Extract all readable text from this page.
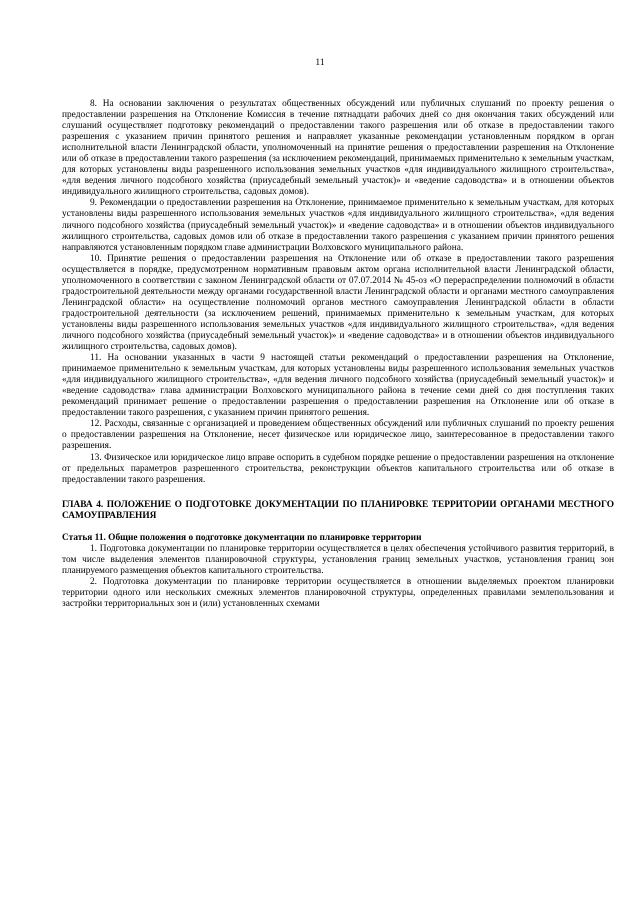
11

8. На основании заключения о результатах общественных обсуждений или публичных слушаний по проекту решения о предоставлении разрешения на Отклонение Комиссия в течение пятнадцати рабочих дней со дня окончания таких обсуждений или слушаний осуществляет подготовку рекомендаций о предоставлении такого разрешения или об отказе в предоставлении такого разрешения с указанием причин принятого решения и направляет указанные рекомендации установленным порядком в орган исполнительной власти Ленинградской области, уполномоченный на принятие решения о предоставлении разрешения на Отклонение или об отказе в предоставлении такого разрешения (за исключением рекомендаций, принимаемых применительно к земельным участкам, для которых установлены виды разрешенного использования земельных участков «для индивидуального жилищного строительства», «для ведения личного подсобного хозяйства (приусадебный земельный участок)» и «ведение садоводства» и в отношении объектов индивидуального жилищного строительства, садовых домов).

9. Рекомендации о предоставлении разрешения на Отклонение, принимаемое применительно к земельным участкам, для которых установлены виды разрешенного использования земельных участков «для индивидуального жилищного строительства», «для ведения личного подсобного хозяйства (приусадебный земельный участок)» и «ведение садоводства» и в отношении объектов индивидуального жилищного строительства, садовых домов или об отказе в предоставлении такого разрешения с указанием причин принятого решения направляются установленным порядком главе администрации Волховского муниципального района.

10. Принятие решения о предоставлении разрешения на Отклонение или об отказе в предоставлении такого разрешения осуществляется в порядке, предусмотренном нормативным правовым актом органа исполнительной власти Ленинградской области, уполномоченного в соответствии с законом Ленинградской области от 07.07.2014 № 45-оз «О перераспределении полномочий в области градостроительной деятельности между органами государственной власти Ленинградской области и органами местного самоуправления Ленинградской области» на осуществление полномочий органов местного самоуправления Ленинградской области в области градостроительной деятельности (за исключением решений, принимаемых применительно к земельным участкам, для которых установлены виды разрешенного использования земельных участков «для индивидуального жилищного строительства», «для ведения личного подсобного хозяйства (приусадебный земельный участок)» и «ведение садоводства» и в отношении объектов индивидуального жилищного строительства, садовых домов).

11. На основании указанных в части 9 настоящей статьи рекомендаций о предоставлении разрешения на Отклонение, принимаемое применительно к земельным участкам, для которых установлены виды разрешенного использования земельных участков «для индивидуального жилищного строительства», «для ведения личного подсобного хозяйства (приусадебный земельный участок)» и «ведение садоводства» глава администрации Волховского муниципального района в течение семи дней со дня поступления таких рекомендаций принимает решение о предоставлении разрешения о предоставлении разрешения на Отклонение или об отказе в предоставлении такого разрешения, с указанием причин принятого решения.

12. Расходы, связанные с организацией и проведением общественных обсуждений или публичных слушаний по проекту решения о предоставлении разрешения на Отклонение, несет физическое или юридическое лицо, заинтересованное в предоставлении такого разрешения.

13. Физическое или юридическое лицо вправе оспорить в судебном порядке решение о предоставлении разрешения на отклонение от предельных параметров разрешенного строительства, реконструкции объектов капитального строительства или об отказе в предоставлении такого разрешения.

ГЛАВА 4. ПОЛОЖЕНИЕ О ПОДГОТОВКЕ ДОКУМЕНТАЦИИ ПО ПЛАНИРОВКЕ ТЕРРИТОРИИ ОРГАНАМИ МЕСТНОГО САМОУПРАВЛЕНИЯ

Статья 11. Общие положения о подготовке документации по планировке территории

1. Подготовка документации по планировке территории осуществляется в целях обеспечения устойчивого развития территорий, в том числе выделения элементов планировочной структуры, установления границ земельных участков, установления границ зон планируемого размещения объектов капитального строительства.

2. Подготовка документации по планировке территории осуществляется в отношении выделяемых проектом планировки территории одного или нескольких смежных элементов планировочной структуры, определенных правилами землепользования и застройки территориальных зон и (или) установленных схемами
